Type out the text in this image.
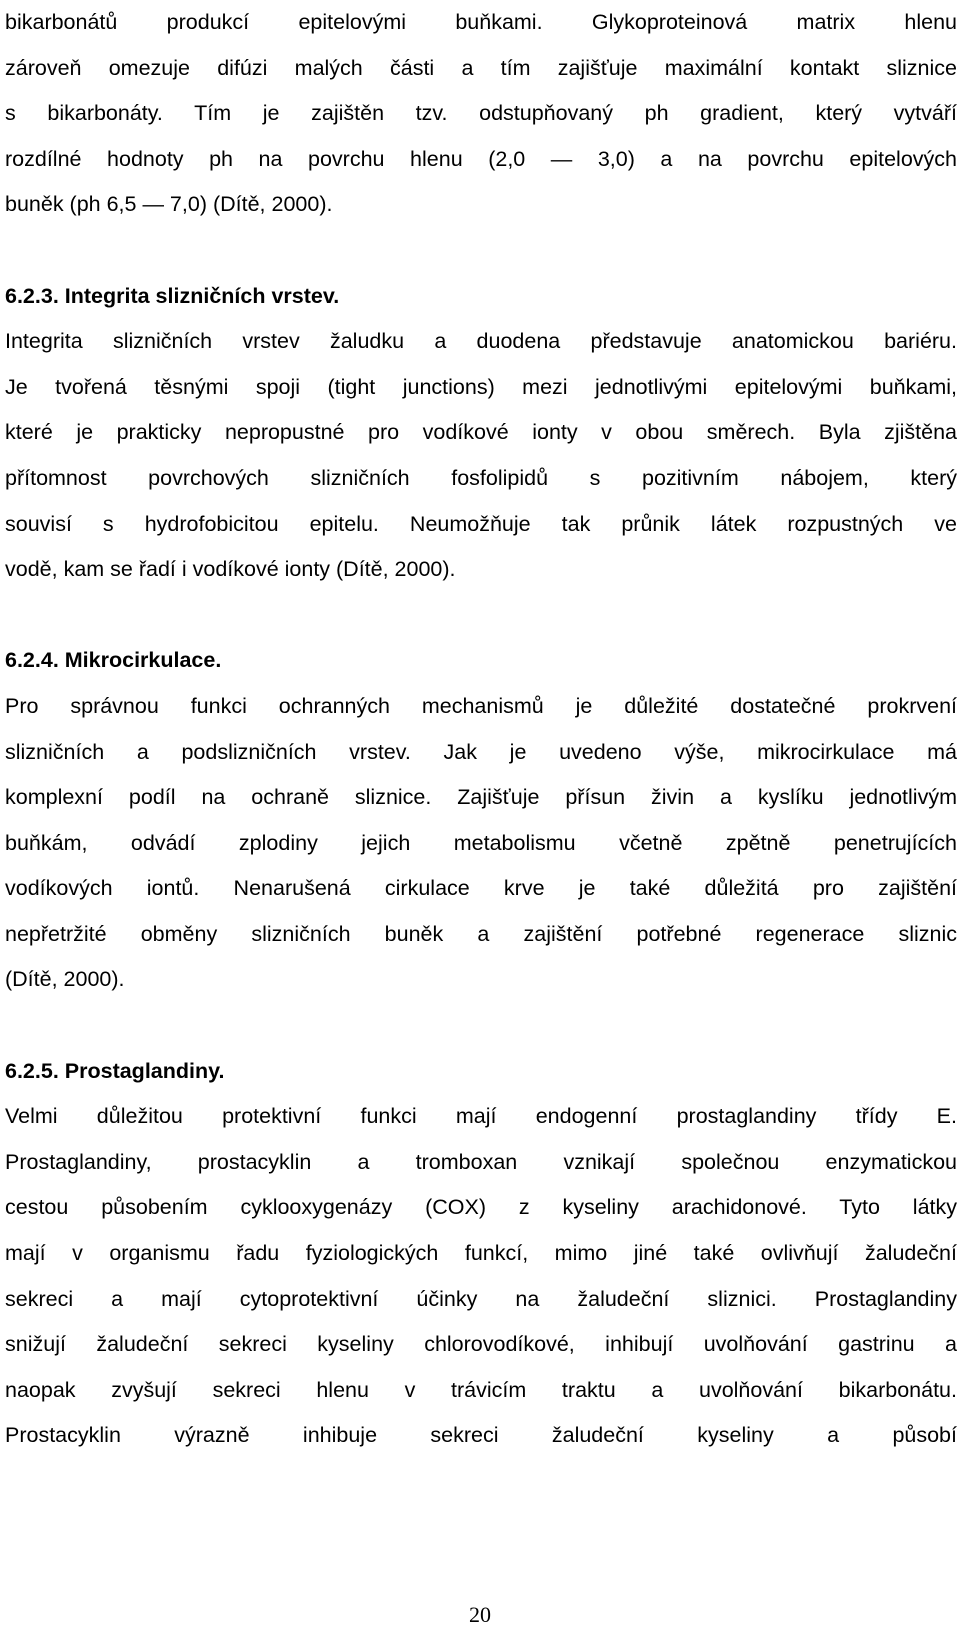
bikarbonátů produkcí epitelovými buňkami. Glykoproteinová matrix hlenu
zároveň omezuje difúzi malých části a tím zajišťuje maximální kontakt sliznice
s bikarbonáty. Tím je zajištěn tzv. odstupňovaný ph gradient, který vytváří
rozdílné hodnoty ph na povrchu hlenu (2,0 — 3,0) a na povrchu epitelových
buněk (ph 6,5 — 7,0) (Dítě, 2000).
6.2.3. Integrita slizničních vrstev.
Integrita slizničních vrstev žaludku a duodena představuje anatomickou bariéru.
Je tvořená těsnými spoji (tight junctions) mezi jednotlivými epitelovými buňkami,
které je prakticky nepropustné pro vodíkové ionty v obou směrech. Byla zjištěna
přítomnost povrchových slizničních fosfolipidů s pozitivním nábojem, který
souvisí s hydrofobicitou epitelu. Neumožňuje tak průnik látek rozpustných ve
vodě, kam se řadí i vodíkové ionty (Dítě, 2000).
6.2.4. Mikrocirkulace.
Pro správnou funkci ochranných mechanismů je důležité dostatečné prokrvení
slizničních a podslizničních vrstev. Jak je uvedeno výše, mikrocirkulace má
komplexní podíl na ochraně sliznice. Zajišťuje přísun živin a kyslíku jednotlivým
buňkám, odvádí zplodiny jejich metabolismu včetně zpětně penetrujících
vodíkových iontů. Nenarušená cirkulace krve je také důležitá pro zajištění
nepřetržité obměny slizničních buněk a zajištění potřebné regenerace sliznic
(Dítě, 2000).
6.2.5. Prostaglandiny.
Velmi důležitou protektivní funkci mají endogenní prostaglandiny třídy E.
Prostaglandiny, prostacyklin a tromboxan vznikají společnou enzymatickou
cestou působením cyklooxygenázy (COX) z kyseliny arachidonové. Tyto látky
mají v organismu řadu fyziologických funkcí, mimo jiné také ovlivňují žaludeční
sekreci a mají cytoprotektivní účinky na žaludeční sliznici. Prostaglandiny
snižují žaludeční sekreci kyseliny chlorovodíkové, inhibují uvolňování gastrinu a
naopak zvyšují sekreci hlenu v trávicím traktu a uvolňování bikarbonátu.
Prostacyklin výrazně inhibuje sekreci žaludeční kyseliny a působí
20
